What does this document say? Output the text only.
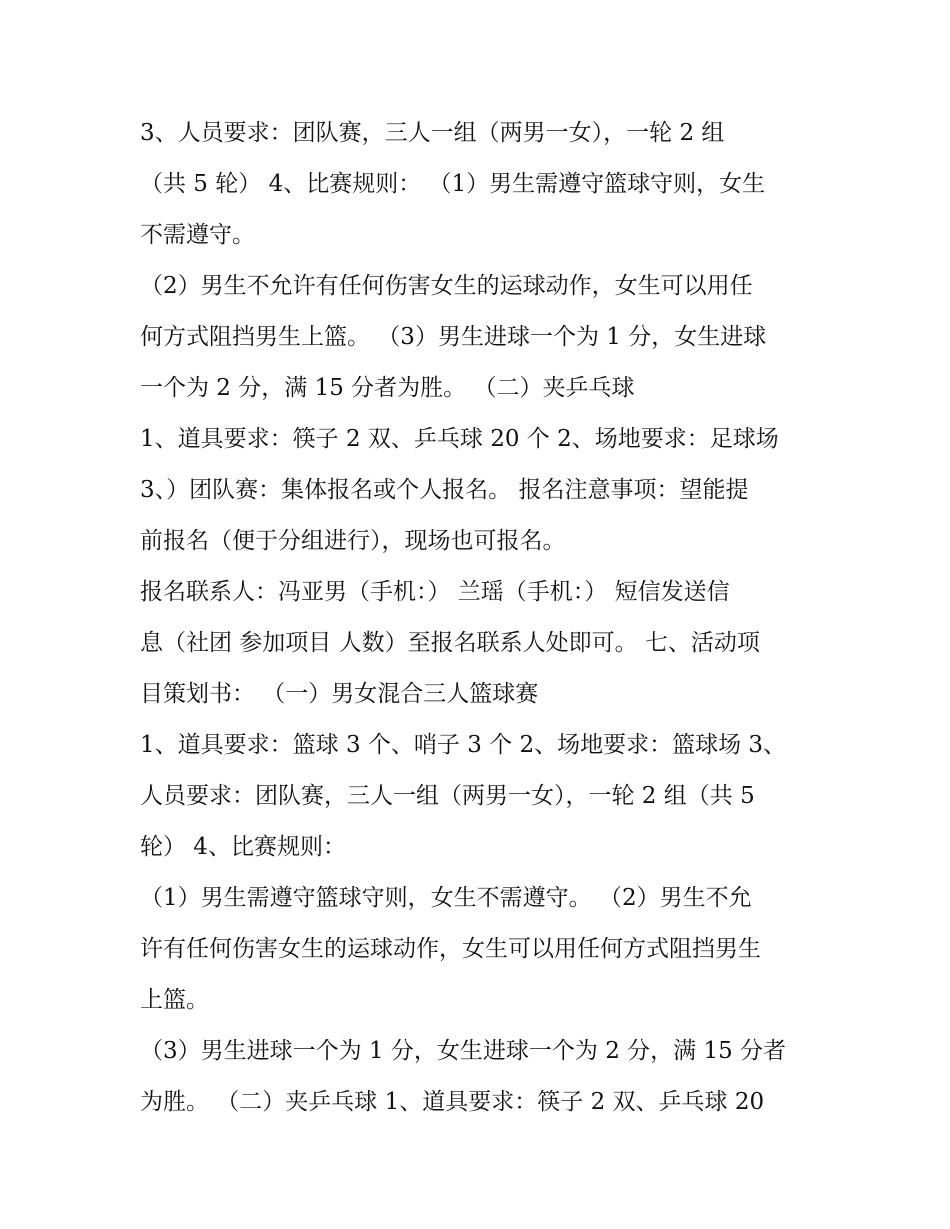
3、人员要求：团队赛，三人一组（两男一女），一轮 2 组
（共 5 轮） 4、比赛规则： （1）男生需遵守篮球守则，女生
不需遵守。
（2）男生不允许有任何伤害女生的运球动作，女生可以用任
何方式阻挡男生上篮。 （3）男生进球一个为 1 分，女生进球
一个为 2 分，满 15 分者为胜。 （二）夹乒乓球
1、道具要求：筷子 2 双、乒乓球 20 个 2、场地要求：足球场
3、）团队赛：集体报名或个人报名。 报名注意事项：望能提
前报名（便于分组进行），现场也可报名。
报名联系人：冯亚男（手机：） 兰瑶（手机：） 短信发送信
息（社团 参加项目 人数）至报名联系人处即可。 七、活动项
目策划书： （一）男女混合三人篮球赛
1、道具要求：篮球 3 个、哨子 3 个 2、场地要求：篮球场 3、
人员要求：团队赛，三人一组（两男一女），一轮 2 组（共 5
轮） 4、比赛规则：
（1）男生需遵守篮球守则，女生不需遵守。 （2）男生不允
许有任何伤害女生的运球动作，女生可以用任何方式阻挡男生
上篮。
（3）男生进球一个为 1 分，女生进球一个为 2 分，满 15 分者
为胜。 （二）夹乒乓球 1、道具要求：筷子 2 双、乒乓球 20
